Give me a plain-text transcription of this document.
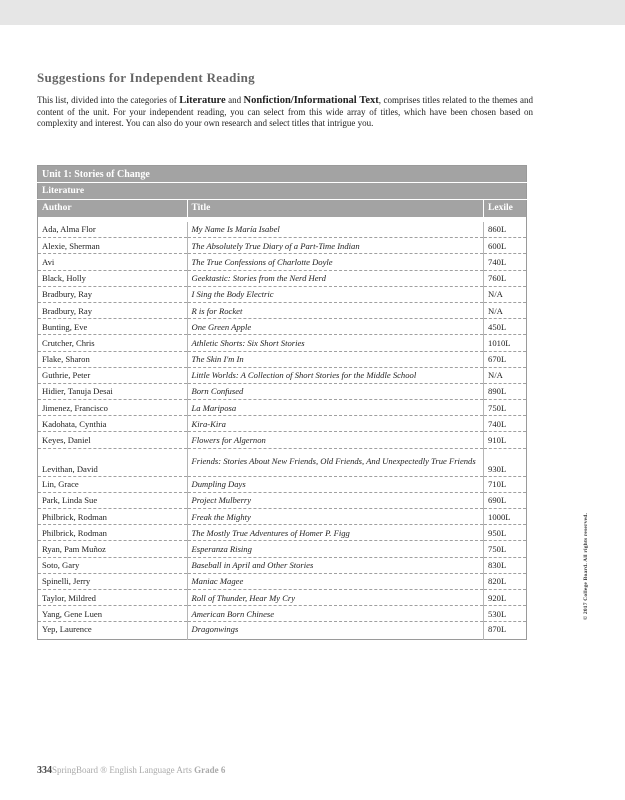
Suggestions for Independent Reading

This list, divided into the categories of Literature and Nonfiction/Informational Text, comprises titles related to the themes and content of the unit. For your independent reading, you can select from this wide array of titles, which have been chosen based on complexity and interest. You can also do your own research and select titles that intrigue you.

Unit 1: Stories of Change		
Literature		
Author	Title	Lexile

Ada, Alma Flor	My Name Is María Isabel	860L
Alexie, Sherman	The Absolutely True Diary of a Part-Time Indian	600L
Avi	The True Confessions of Charlotte Doyle	740L
Black, Holly	Geektastic: Stories from the Nerd Herd	760L
Bradbury, Ray	I Sing the Body Electric	N/A
Bradbury, Ray	R is for Rocket	N/A
Bunting, Eve	One Green Apple	450L
Crutcher, Chris	Athletic Shorts: Six Short Stories	1010L
Flake, Sharon	The Skin I'm In	670L
Guthrie, Peter	Little Worlds: A Collection of Short Stories for the Middle School	N/A
Hidier, Tanuja Desai	Born Confused	890L
Jimenez, Francisco	La Mariposa	750L
Kadohata, Cynthia	Kira-Kira	740L
Keyes, Daniel	Flowers for Algernon	910L
Levithan, David	Friends: Stories About New Friends, Old Friends, And Unexpectedly True Friends	930L
Lin, Grace	Dumpling Days	710L
Park, Linda Sue	Project Mulberry	690L
Philbrick, Rodman	Freak the Mighty	1000L
Philbrick, Rodman	The Mostly True Adventures of Homer P. Figg	950L
Ryan, Pam Muñoz	Esperanza Rising	750L
Soto, Gary	Baseball in April and Other Stories	830L
Spinelli, Jerry	Maniac Magee	820L
Taylor, Mildred	Roll of Thunder, Hear My Cry	920L
Yang, Gene Luen	American Born Chinese	530L
Yep, Laurence	Dragonwings	870L
© 2017 College Board. All rights reserved.
334SpringBoard ® English Language Arts Grade 6
